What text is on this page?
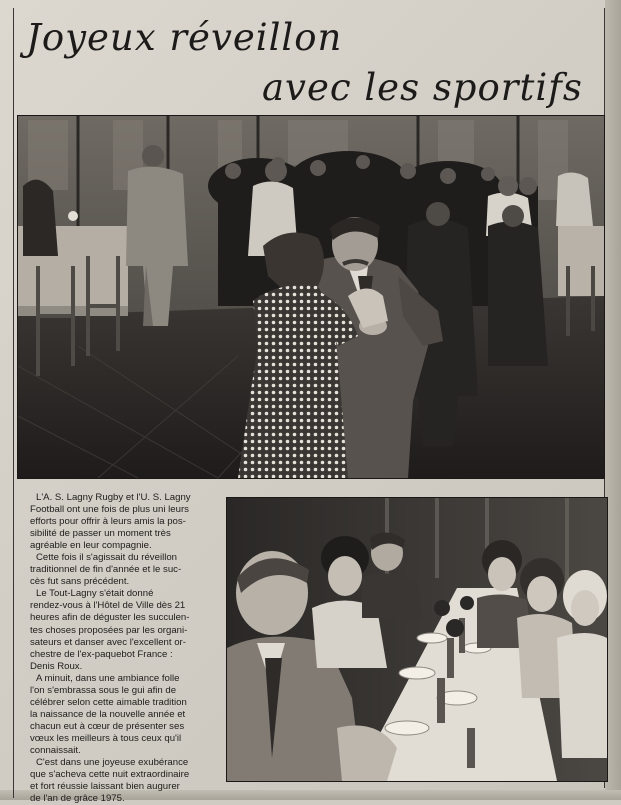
Joyeux réveillon
avec les sportifs

L'A. S. Lagny Rugby et l'U. S. Lagny

Football ont une fois de plus uni leurs

efforts pour offrir à leurs amis la pos-

sibilité de passer un moment très

agréable en leur compagnie.

Cette fois il s'agissait du réveillon

traditionnel de fin d'année et le suc-

cès fut sans précédent.

Le Tout-Lagny s'était donné

rendez-vous à l'Hôtel de Ville dès 21

heures afin de déguster les succulen-

tes choses proposées par les organi-

sateurs et danser avec l'excellent or-

chestre de l'ex-paquebot France :

Denis Roux.

A minuit, dans une ambiance folle

l'on s'embrassa sous le gui afin de

célébrer selon cette aimable tradition

la naissance de la nouvelle année et

chacun eut à cœur de présenter ses

vœux les meilleurs à tous ceux qu'il

connaissait.

C'est dans une joyeuse exubérance

que s'acheva cette nuit extraordinaire

et fort réussie laissant bien augurer

de l'an de grâce 1975.
